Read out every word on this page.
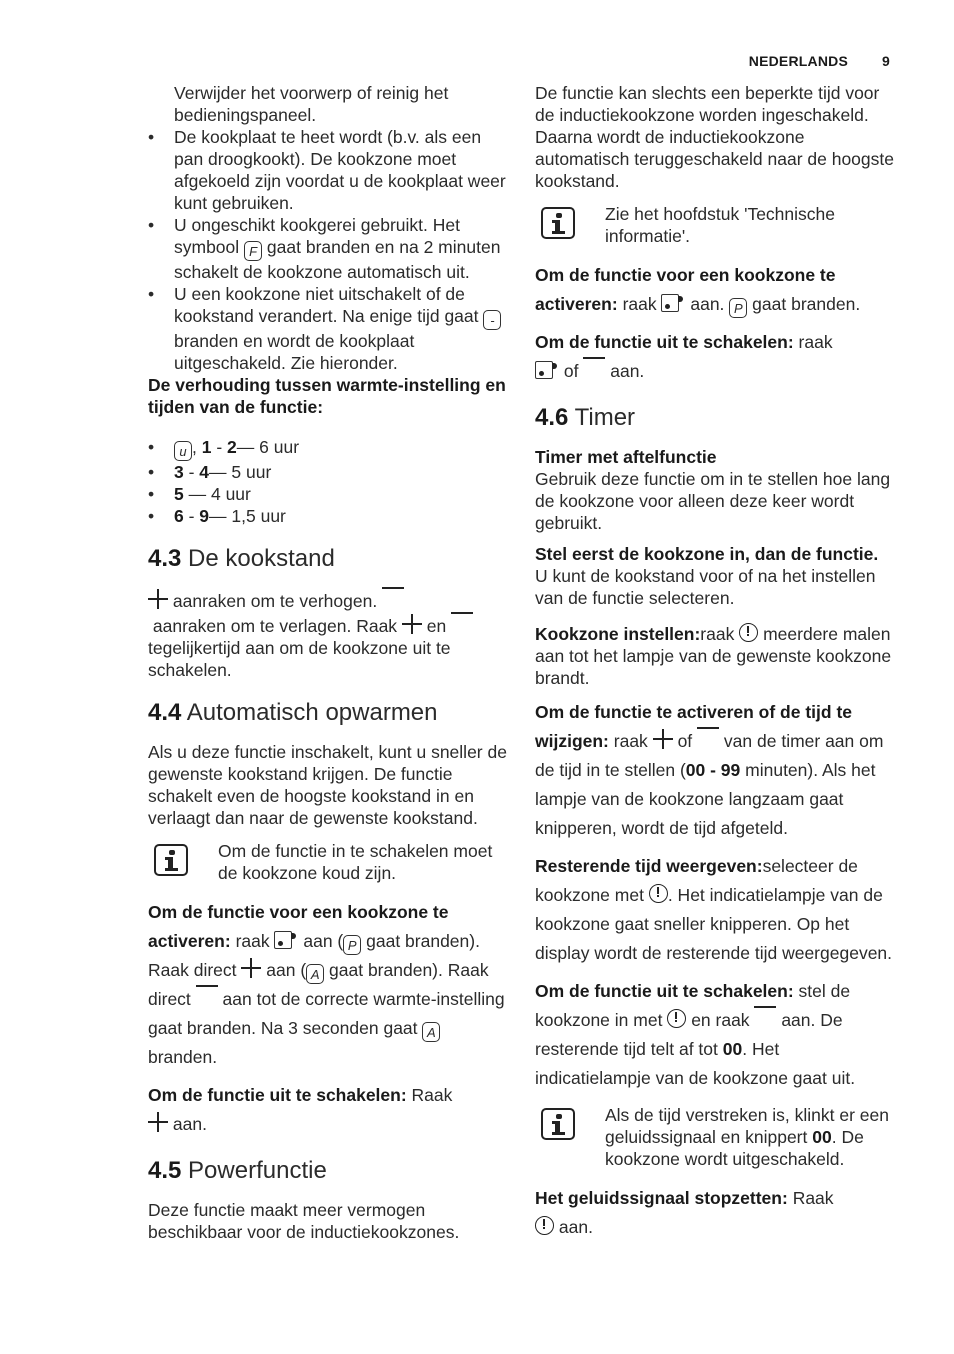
NEDERLANDS 9

Verwijder het voorwerp of reinig het bedieningspaneel.

• De kookplaat te heet wordt (b.v. als een pan droogkookt). De kookzone moet afgekoeld zijn voordat u de kookplaat weer kunt gebruiken.
• U ongeschikt kookgerei gebruikt. Het symbool F gaat branden en na 2 minuten schakelt de kookzone automatisch uit.
• U een kookzone niet uitschakelt of de kookstand verandert. Na enige tijd gaat - branden en wordt de kookplaat uitgeschakeld. Zie hieronder.

De verhouding tussen warmte-instelling en tijden van de functie:

• u , 1 - 2— 6 uur
• 3 - 4— 5 uur
• 5 — 4 uur
• 6 - 9— 1,5 uur
4.3 De kookstand

aanraken om te verhogen.
aanraken om te verlagen. Raak en  tegelijkertijd aan om de kookzone uit te schakelen.

4.4 Automatisch opwarmen

Als u deze functie inschakelt, kunt u sneller de gewenste kookstand krijgen. De functie schakelt even de hoogste kookstand in en verlaagt dan naar de gewenste kookstand.

Om de functie in te schakelen moet de kookzone koud zijn.

Om de functie voor een kookzone te activeren: raak aan ( P gaat branden). Raak direct aan ( A gaat branden). Raak direct aan tot de correcte warmte-instelling gaat branden. Na 3 seconden gaat A branden.

Om de functie uit te schakelen: Raak
aan.

4.5 Powerfunctie

Deze functie maakt meer vermogen beschikbaar voor de inductiekookzones.

De functie kan slechts een beperkte tijd voor de inductiekookzone worden ingeschakeld. Daarna wordt de inductiekookzone automatisch teruggeschakeld naar de hoogste kookstand.

Zie het hoofdstuk 'Technische informatie'.

Om de functie voor een kookzone te activeren: raak aan. P gaat branden.

Om de functie uit te schakelen: raak

of aan.

4.6 Timer

Timer met aftelfunctie
Gebruik deze functie om in te stellen hoe lang de kookzone voor alleen deze keer wordt gebruikt.

Stel eerst de kookzone in, dan de functie. U kunt de kookstand voor of na het instellen van de functie selecteren.

Kookzone instellen:raak meerdere malen aan tot het lampje van de gewenste kookzone brandt.

Om de functie te activeren of de tijd te wijzigen: raak of van de timer aan om de tijd in te stellen (00 - 99 minuten). Als het lampje van de kookzone langzaam gaat knipperen, wordt de tijd afgeteld.

Resterende tijd weergeven:selecteer de kookzone met . Het indicatielampje van de kookzone gaat sneller knipperen. Op het display wordt de resterende tijd weergegeven.

Om de functie uit te schakelen: stel de kookzone in met en raak aan. De resterende tijd telt af tot 00. Het indicatielampje van de kookzone gaat uit.

Als de tijd verstreken is, klinkt er een geluidssignaal en knippert 00. De kookzone wordt uitgeschakeld.

Het geluidssignaal stopzetten: Raak
aan.
